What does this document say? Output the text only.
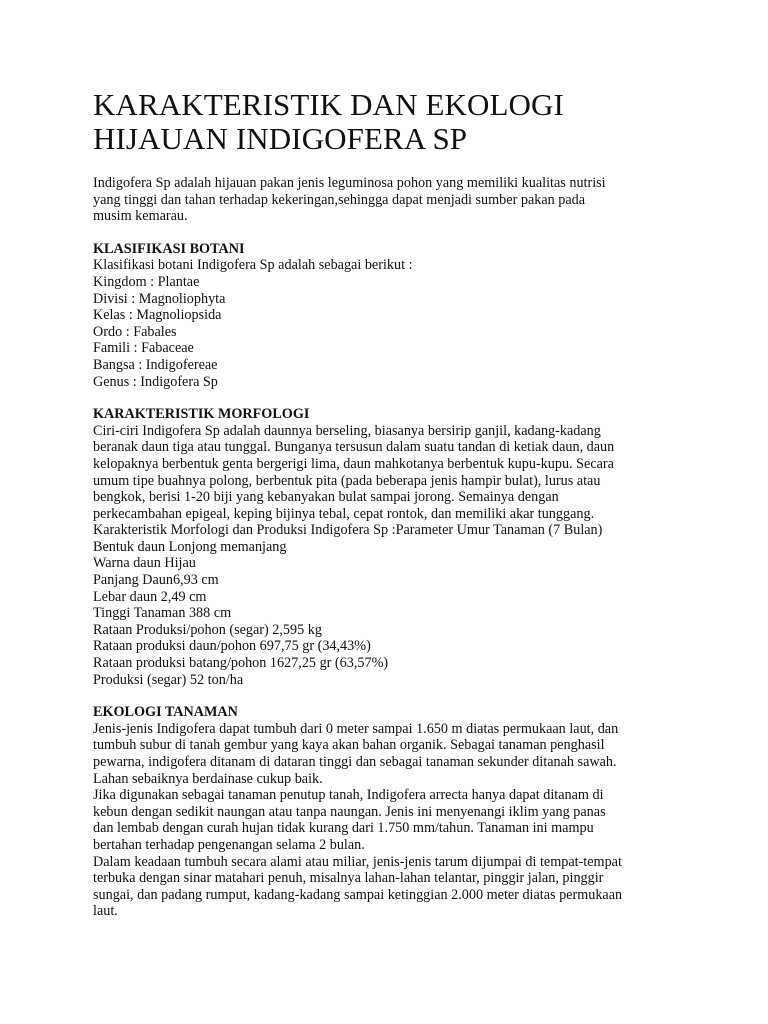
KARAKTERISTIK DAN EKOLOGI
HIJAUAN INDIGOFERA SP
Indigofera Sp adalah hijauan pakan jenis leguminosa pohon yang memiliki kualitas nutrisi
yang tinggi dan tahan terhadap kekeringan,sehingga dapat menjadi sumber pakan pada
musim kemarau.
KLASIFIKASI BOTANI
Klasifikasi botani Indigofera Sp adalah sebagai berikut :
Kingdom : Plantae
Divisi : Magnoliophyta
Kelas : Magnoliopsida
Ordo : Fabales
Famili : Fabaceae
Bangsa : Indigofereae
Genus : Indigofera Sp
KARAKTERISTIK MORFOLOGI
Ciri-ciri Indigofera Sp adalah daunnya berseling, biasanya bersirip ganjil, kadang-kadang
beranak daun tiga atau tunggal. Bunganya tersusun dalam suatu tandan di ketiak daun, daun
kelopaknya berbentuk genta bergerigi lima, daun mahkotanya berbentuk kupu-kupu. Secara
umum tipe buahnya polong, berbentuk pita (pada beberapa jenis hampir bulat), lurus atau
bengkok, berisi 1-20 biji yang kebanyakan bulat sampai jorong. Semainya dengan
perkecambahan epigeal, keping bijinya tebal, cepat rontok, dan memiliki akar tunggang.
Karakteristik Morfologi dan Produksi Indigofera Sp :Parameter Umur Tanaman (7 Bulan)
Bentuk daun Lonjong memanjang
Warna daun Hijau
Panjang Daun6,93 cm
Lebar daun 2,49 cm
Tinggi Tanaman 388 cm
Rataan Produksi/pohon (segar) 2,595 kg
Rataan produksi daun/pohon 697,75 gr (34,43%)
Rataan produksi batang/pohon 1627,25 gr (63,57%)
Produksi (segar) 52 ton/ha
EKOLOGI TANAMAN
Jenis-jenis Indigofera dapat tumbuh dari 0 meter sampai 1.650 m diatas permukaan laut, dan
tumbuh subur di tanah gembur yang kaya akan bahan organik. Sebagai tanaman penghasil
pewarna, indigofera ditanam di dataran tinggi dan sebagai tanaman sekunder ditanah sawah.
Lahan sebaiknya berdainase cukup baik.
Jika digunakan sebagai tanaman penutup tanah, Indigofera arrecta hanya dapat ditanam di
kebun dengan sedikit naungan atau tanpa naungan. Jenis ini menyenangi iklim yang panas
dan lembab dengan curah hujan tidak kurang dari 1.750 mm/tahun. Tanaman ini mampu
bertahan terhadap pengenangan selama 2 bulan.
Dalam keadaan tumbuh secara alami atau miliar, jenis-jenis tarum dijumpai di tempat-tempat
terbuka dengan sinar matahari penuh, misalnya lahan-lahan telantar, pinggir jalan, pinggir
sungai, dan padang rumput, kadang-kadang sampai ketinggian 2.000 meter diatas permukaan
laut.
